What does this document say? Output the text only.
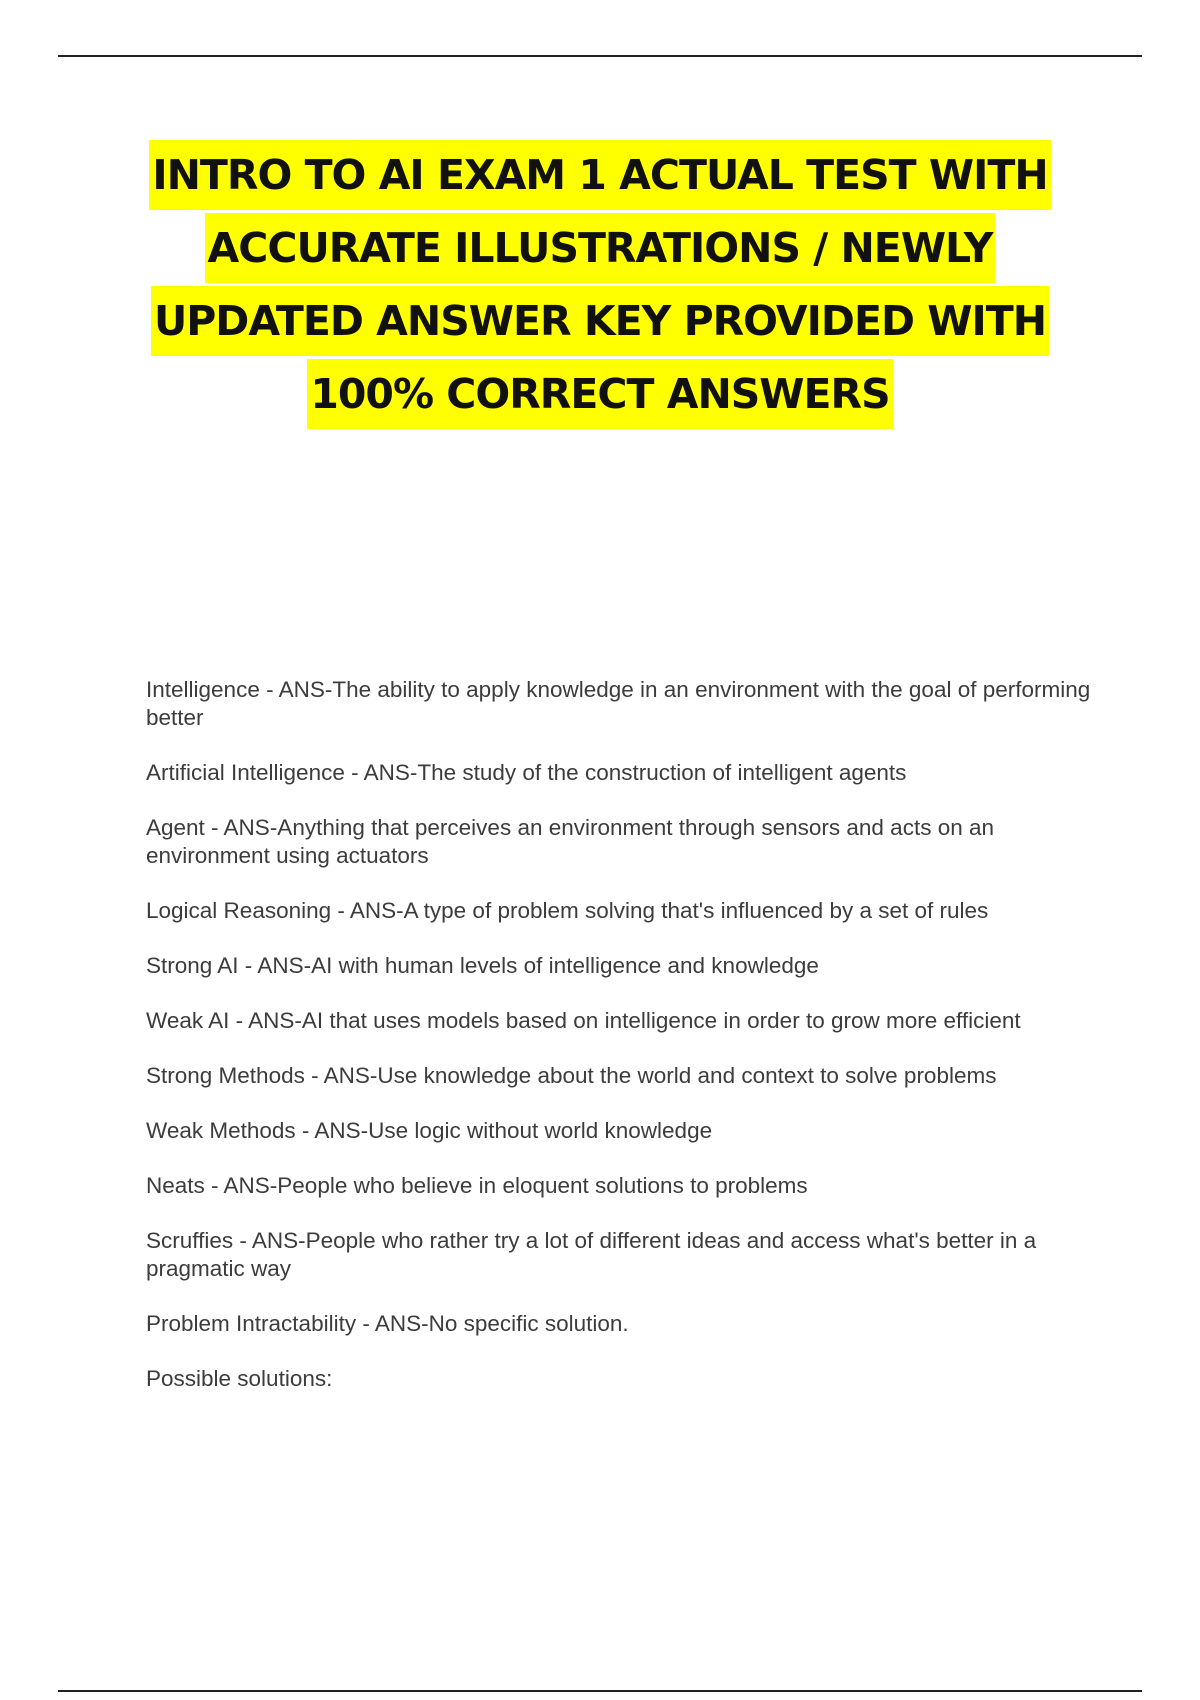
INTRO TO AI EXAM 1 ACTUAL TEST WITH
ACCURATE ILLUSTRATIONS / NEWLY
UPDATED ANSWER KEY PROVIDED WITH
100% CORRECT ANSWERS
Intelligence - ANS-The ability to apply knowledge in an environment with the goal of performing better
Artificial Intelligence - ANS-The study of the construction of intelligent agents
Agent - ANS-Anything that perceives an environment through sensors and acts on an environment using actuators
Logical Reasoning - ANS-A type of problem solving that's influenced by a set of rules
Strong AI - ANS-AI with human levels of intelligence and knowledge
Weak AI - ANS-AI that uses models based on intelligence in order to grow more efficient
Strong Methods - ANS-Use knowledge about the world and context to solve problems
Weak Methods - ANS-Use logic without world knowledge
Neats - ANS-People who believe in eloquent solutions to problems
Scruffies - ANS-People who rather try a lot of different ideas and access what's better in a pragmatic way
Problem Intractability - ANS-No specific solution.
Possible solutions:
